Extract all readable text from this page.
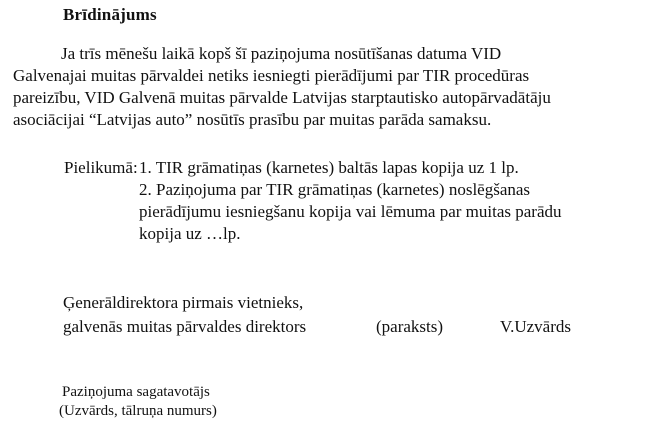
Brīdinājums
Ja trīs mēnešu laikā kopš šī paziņojuma nosūtīšanas datuma VID
Galvenajai muitas pārvaldei netiks iesniegti pierādījumi par TIR procedūras
pareizību, VID Galvenā muitas pārvalde Latvijas starptautisko autopārvadātāju
asociācijai “Latvijas auto” nosūtīs prasību par muitas parāda samaksu.
Pielikumā: 1. TIR grāmatiņas (karnetes) baltās lapas kopija uz 1 lp.
2. Paziņojuma par TIR grāmatiņas (karnetes) noslēgšanas
pierādījumu iesniegšanu kopija vai lēmuma par muitas parādu
kopija uz …lp.
Ģenerāldirektora pirmais vietnieks,
galvenās muitas pārvaldes direktors	(paraksts)	V.Uzvārds
Paziņojuma sagatavotājs
(Uzvārds, tālruņa numurs)
